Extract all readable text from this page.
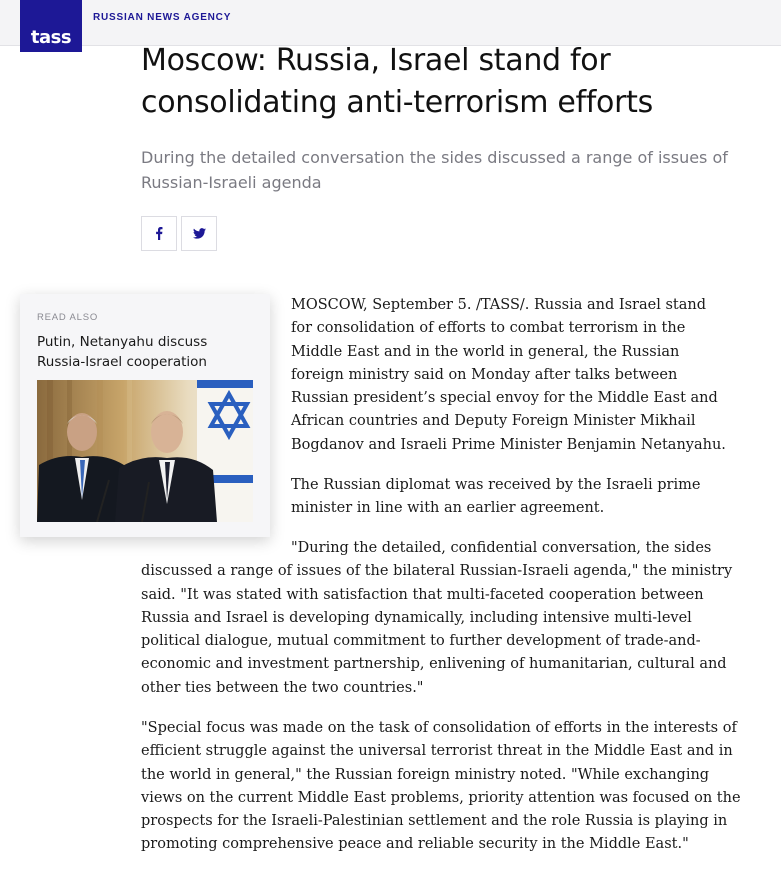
tass
RUSSIAN NEWS AGENCY
Moscow: Russia, Israel stand for consolidating anti-terrorism efforts

During the detailed conversation the sides discussed a range of issues of Russian-Israeli agenda

READ ALSO
Putin, Netanyahu discuss Russia-Israel cooperation

MOSCOW, September 5. /TASS/. Russia and Israel stand for consolidation of efforts to combat terrorism in the Middle East and in the world in general, the Russian foreign ministry said on Monday after talks between Russian president’s special envoy for the Middle East and African countries and Deputy Foreign Minister Mikhail Bogdanov and Israeli Prime Minister Benjamin Netanyahu.

The Russian diplomat was received by the Israeli prime minister in line with an earlier agreement.

"During the detailed, confidential conversation, the sides
discussed a range of issues of the bilateral Russian-Israeli agenda," the ministry said. "It was stated with satisfaction that multi-faceted cooperation between Russia and Israel is developing dynamically, including intensive multi-level political dialogue, mutual commitment to further development of trade-and-economic and investment partnership, enlivening of humanitarian, cultural and other ties between the two countries."

"Special focus was made on the task of consolidation of efforts in the interests of efficient struggle against the universal terrorist threat in the Middle East and in the world in general," the Russian foreign ministry noted. "While exchanging views on the current Middle East problems, priority attention was focused on the prospects for the Israeli-Palestinian settlement and the role Russia is playing in promoting comprehensive peace and reliable security in the Middle East."
